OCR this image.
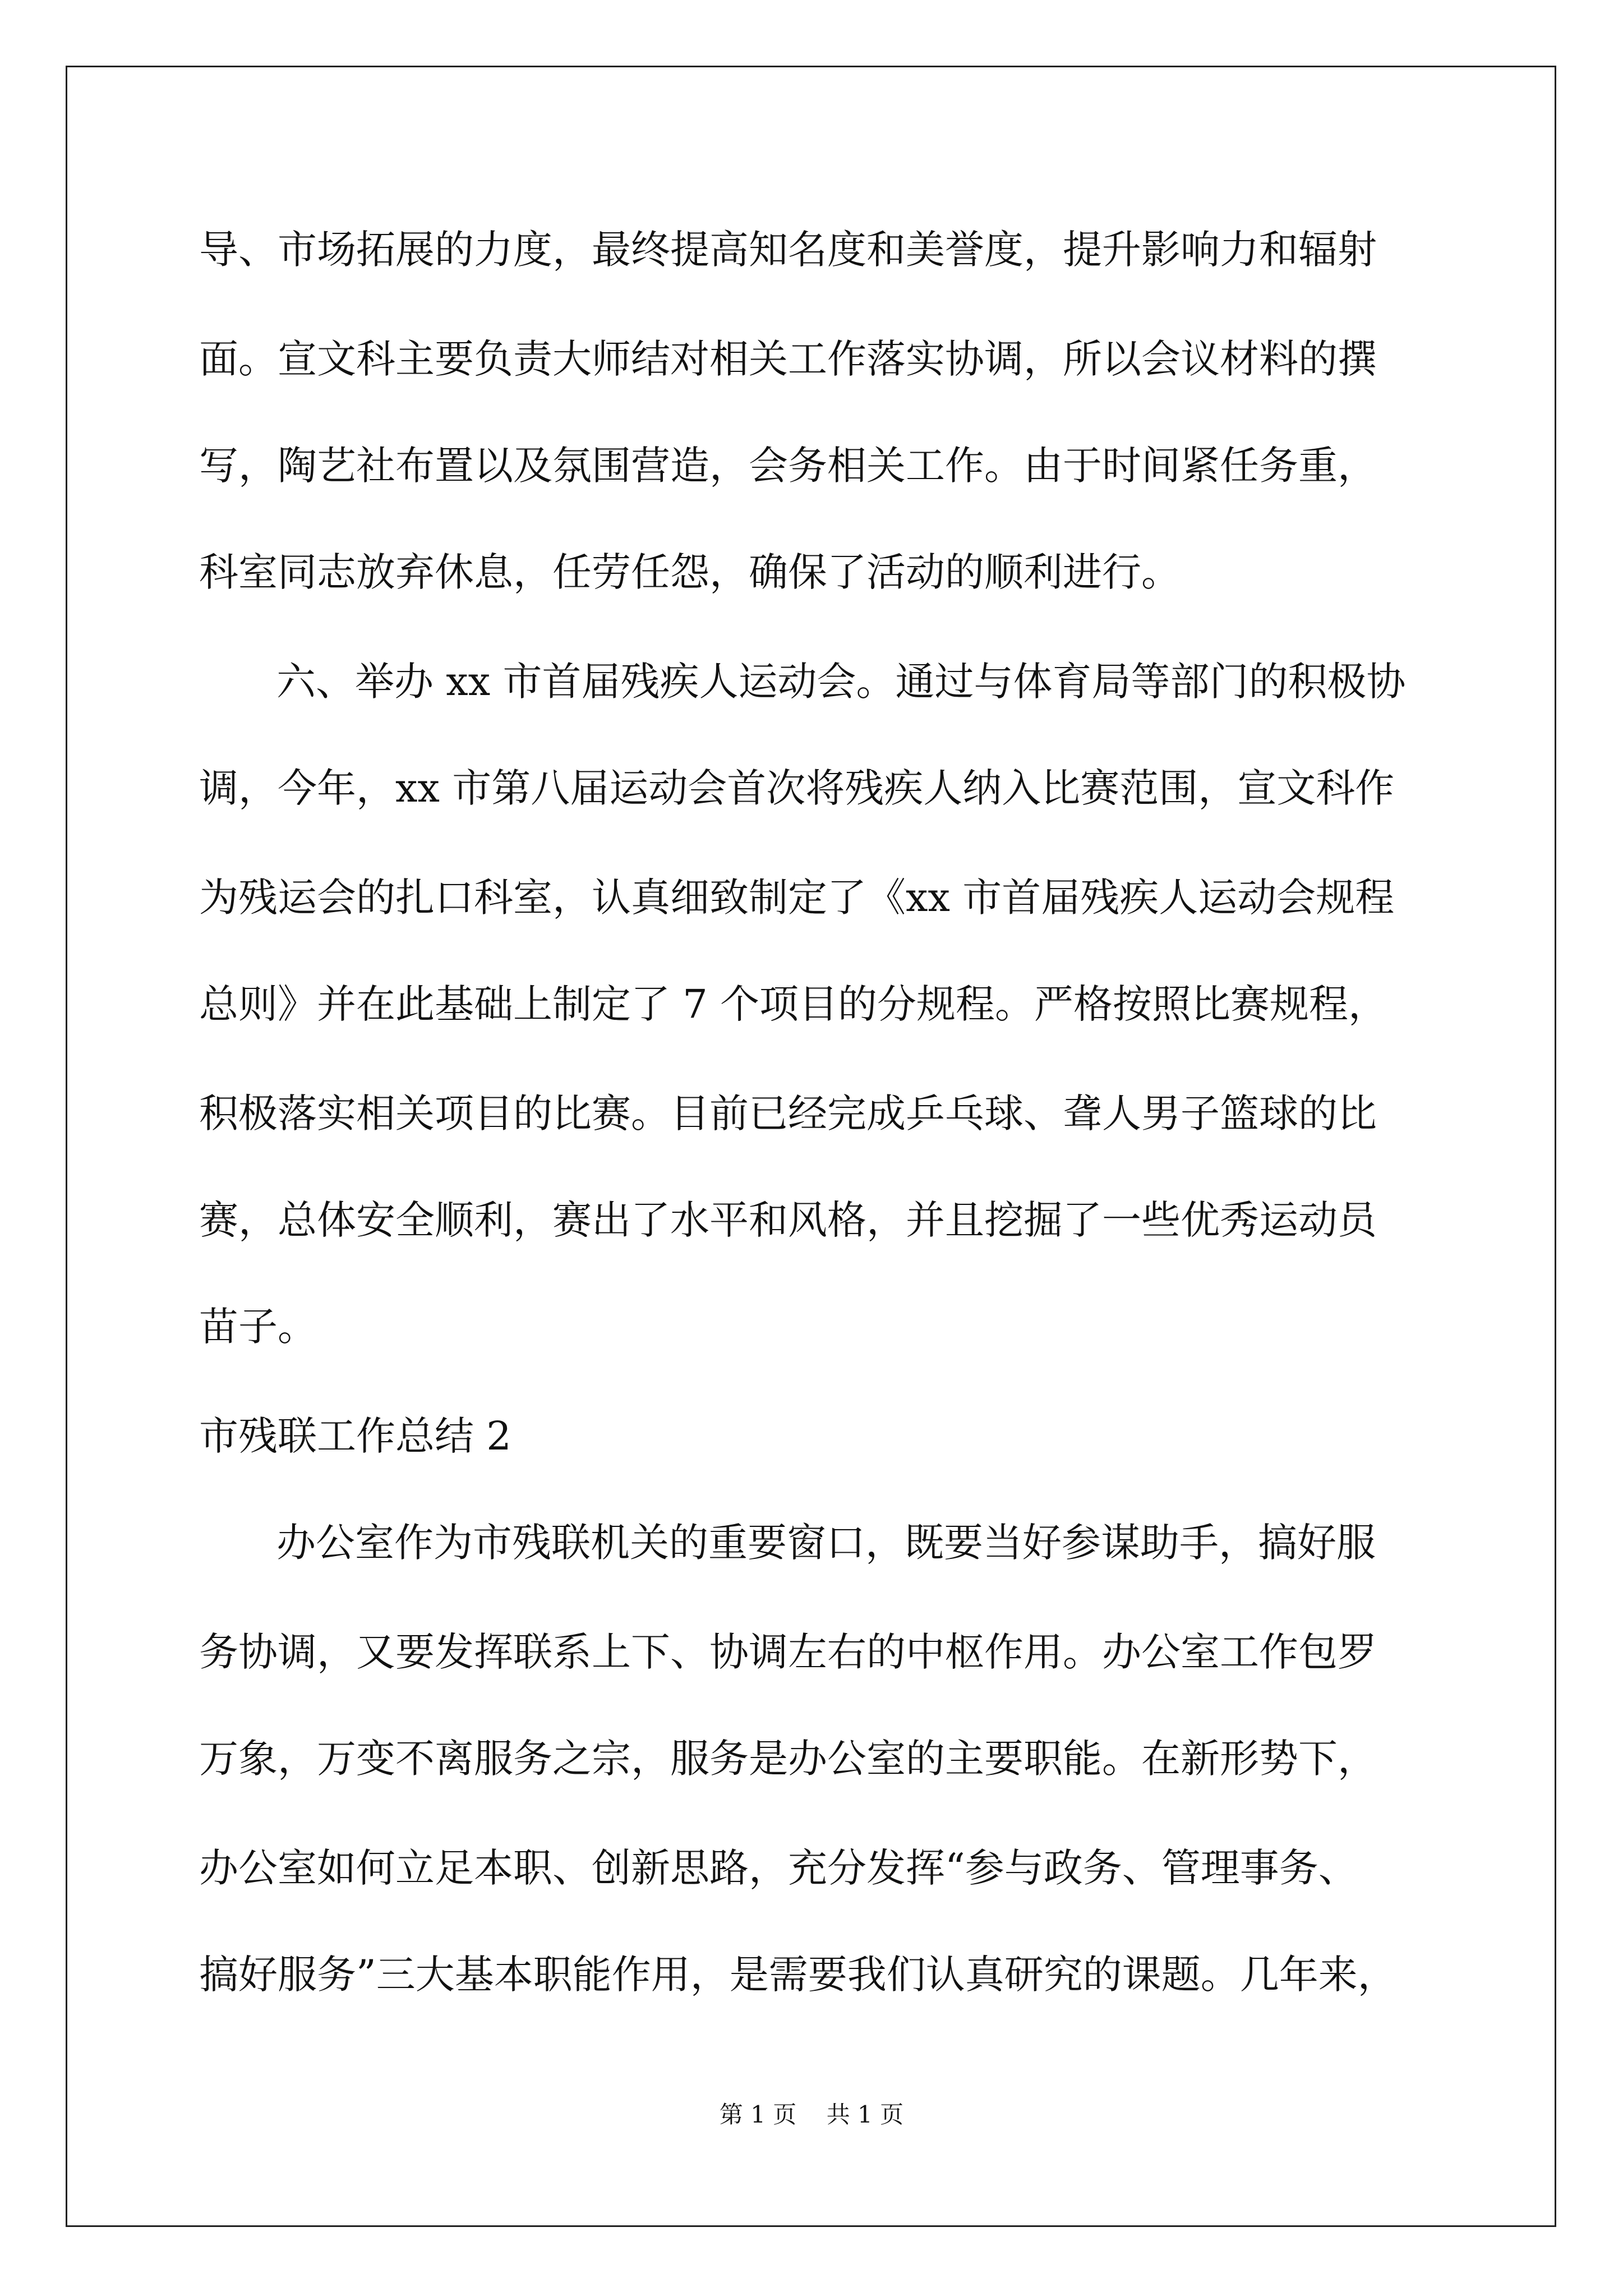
导、市场拓展的力度，最终提高知名度和美誉度，提升影响力和辐射
面。宣文科主要负责大师结对相关工作落实协调，所以会议材料的撰
写，陶艺社布置以及氛围营造，会务相关工作。由于时间紧任务重，
科室同志放弃休息，任劳任怨，确保了活动的顺利进行。
六、举办 xx 市首届残疾人运动会。通过与体育局等部门的积极协
调，今年，xx 市第八届运动会首次将残疾人纳入比赛范围，宣文科作
为残运会的扎口科室，认真细致制定了《xx 市首届残疾人运动会规程
总则》并在此基础上制定了 7 个项目的分规程。严格按照比赛规程，
积极落实相关项目的比赛。目前已经完成乒乓球、聋人男子篮球的比
赛，总体安全顺利，赛出了水平和风格，并且挖掘了一些优秀运动员
苗子。
市残联工作总结 2
办公室作为市残联机关的重要窗口，既要当好参谋助手，搞好服
务协调，又要发挥联系上下、协调左右的中枢作用。办公室工作包罗
万象，万变不离服务之宗，服务是办公室的主要职能。在新形势下，
办公室如何立足本职、创新思路，充分发挥“参与政务、管理事务、
搞好服务”三大基本职能作用，是需要我们认真研究的课题。几年来，
第 1 页    共 1 页
